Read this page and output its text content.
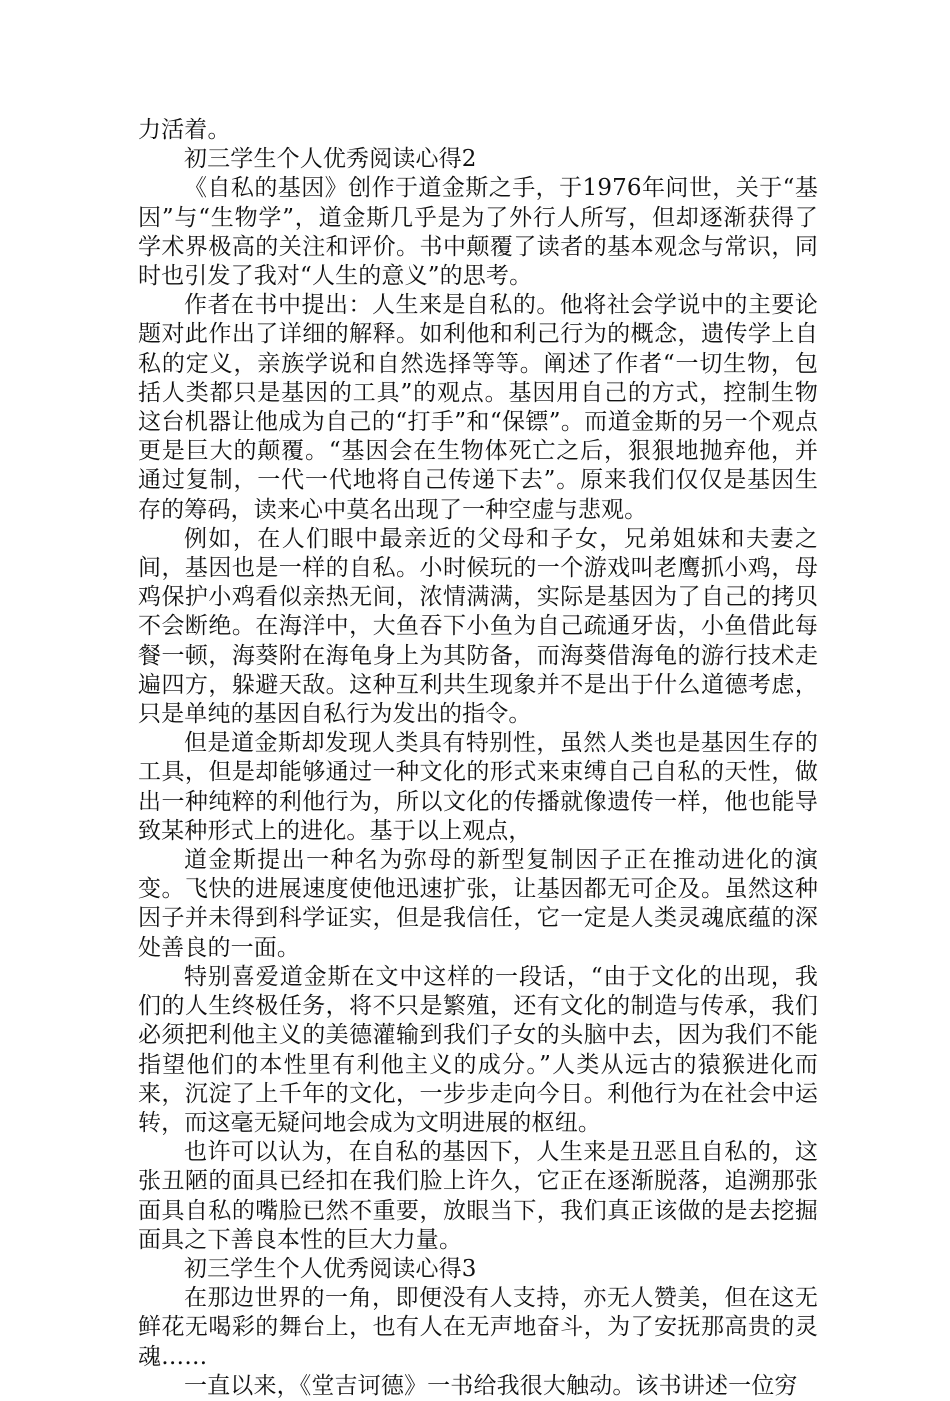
力活着。

初三学生个人优秀阅读心得2

《自私的基因》创作于道金斯之手，于1976年问世，关于“基因”与“生物学”，道金斯几乎是为了外行人所写，但却逐渐获得了学术界极高的关注和评价。书中颠覆了读者的基本观念与常识，同时也引发了我对“人生的意义”的思考。

作者在书中提出：人生来是自私的。他将社会学说中的主要论题对此作出了详细的解释。如利他和利己行为的概念，遗传学上自私的定义，亲族学说和自然选择等等。阐述了作者“一切生物，包括人类都只是基因的工具”的观点。基因用自己的方式，控制生物这台机器让他成为自己的“打手”和“保镖”。而道金斯的另一个观点更是巨大的颠覆。“基因会在生物体死亡之后，狠狠地抛弃他，并通过复制，一代一代地将自己传递下去”。原来我们仅仅是基因生存的筹码，读来心中莫名出现了一种空虚与悲观。

例如，在人们眼中最亲近的父母和子女，兄弟姐妹和夫妻之间，基因也是一样的自私。小时候玩的一个游戏叫老鹰抓小鸡，母鸡保护小鸡看似亲热无间，浓情满满，实际是基因为了自己的拷贝不会断绝。在海洋中，大鱼吞下小鱼为自己疏通牙齿，小鱼借此每餐一顿，海葵附在海龟身上为其防备，而海葵借海龟的游行技术走遍四方，躲避天敌。这种互利共生现象并不是出于什么道德考虑，只是单纯的基因自私行为发出的指令。

但是道金斯却发现人类具有特别性，虽然人类也是基因生存的工具，但是却能够通过一种文化的形式来束缚自己自私的天性，做出一种纯粹的利他行为，所以文化的传播就像遗传一样，他也能导致某种形式上的进化。基于以上观点，

道金斯提出一种名为弥母的新型复制因子正在推动进化的演变。飞快的进展速度使他迅速扩张，让基因都无可企及。虽然这种因子并未得到科学证实，但是我信任，它一定是人类灵魂底蕴的深处善良的一面。

特别喜爱道金斯在文中这样的一段话，“由于文化的出现，我们的人生终极任务，将不只是繁殖，还有文化的制造与传承，我们必须把利他主义的美德灌输到我们子女的头脑中去，因为我们不能指望他们的本性里有利他主义的成分。”人类从远古的猿猴进化而来，沉淀了上千年的文化，一步步走向今日。利他行为在社会中运转，而这毫无疑问地会成为文明进展的枢纽。

也许可以认为，在自私的基因下，人生来是丑恶且自私的，这张丑陋的面具已经扣在我们脸上许久，它正在逐渐脱落，追溯那张面具自私的嘴脸已然不重要，放眼当下，我们真正该做的是去挖掘面具之下善良本性的巨大力量。

初三学生个人优秀阅读心得3

在那边世界的一角，即便没有人支持，亦无人赞美，但在这无鲜花无喝彩的舞台上，也有人在无声地奋斗，为了安抚那高贵的灵魂……

一直以来，《堂吉诃德》一书给我很大触动。该书讲述一位穷
